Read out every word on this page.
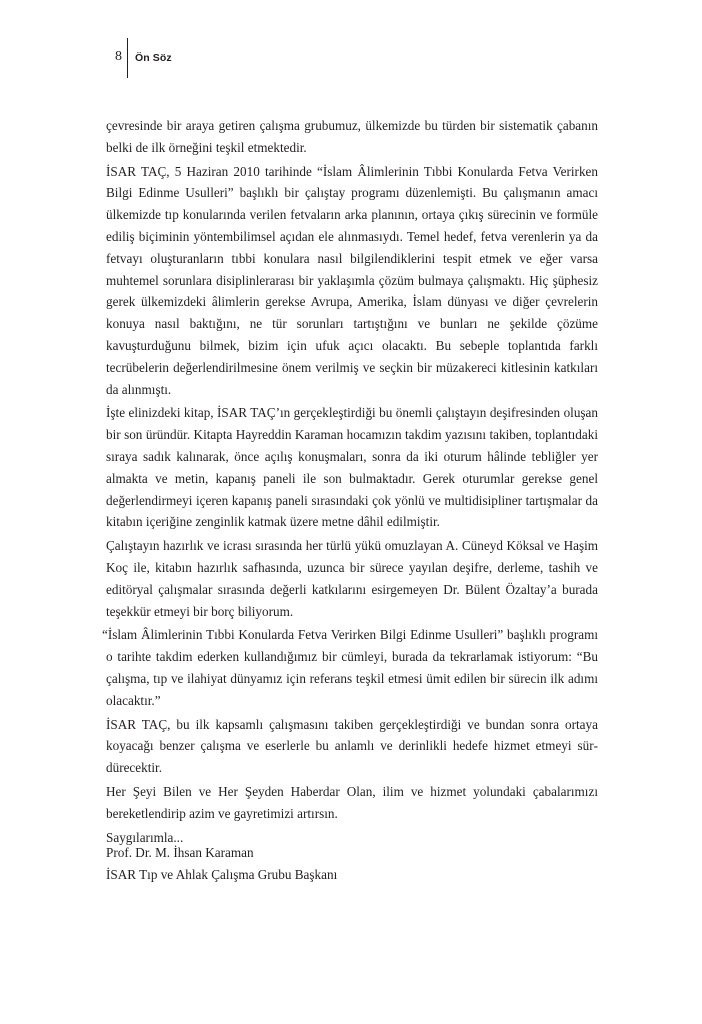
8 Ön Söz

çevresinde bir araya getiren çalışma grubumuz, ülkemizde bu türden bir sistematik çabanın belki de ilk örneğini teşkil etmektedir.

İSAR TAÇ, 5 Haziran 2010 tarihinde “İslam Âlimlerinin Tıbbi Konularda Fetva Verirken Bilgi Edinme Usulleri” başlıklı bir çalıştay programı düzenlemişti. Bu çalışmanın amacı ülkemizde tıp konularında verilen fetvaların arka planının, ortaya çıkış sürecinin ve formüle ediliş biçiminin yöntembilimsel açıdan ele alınmasıydı. Temel hedef, fetva verenlerin ya da fetvayı oluşturanların tıbbi konulara nasıl bilgilendiklerini tespit etmek ve eğer varsa muhtemel sorunlara disiplinlerarası bir yaklaşımla çözüm bulmaya çalışmaktı. Hiç şüphesiz gerek ülkemizdeki âlimlerin gerekse Avrupa, Amerika, İslam dünyası ve diğer çevrelerin konuya nasıl baktığını, ne tür sorunları tartıştığını ve bunları ne şekilde çözüme kavuşturduğunu bilmek, bizim için ufuk açıcı olacaktı. Bu sebeple toplantıda farklı tecrübelerin değerlendirilmesine önem verilmiş ve seçkin bir müzakereci kitlesinin katkıları da alınmıştı.

İşte elinizdeki kitap, İSAR TAÇ’ın gerçekleştirdiği bu önemli çalıştayın deşifresinden oluşan bir son üründür. Kitapta Hayreddin Karaman hocamızın takdim yazısını takiben, toplantıdaki sıraya sadık kalınarak, önce açılış konuşmaları, sonra da iki oturum hâlinde tebliğler yer almakta ve metin, kapanış paneli ile son bulmaktadır. Gerek oturumlar gerekse genel değerlendirmeyi içeren kapanış paneli sırasındaki çok yönlü ve multidisipliner tartışmalar da kitabın içeriğine zenginlik katmak üzere metne dâhil edilmiştir.

Çalıştayın hazırlık ve icrası sırasında her türlü yükü omuzlayan A. Cüneyd Köksal ve Haşim Koç ile, kitabın hazırlık safhasında, uzunca bir sürece yayılan deşifre, derleme, tashih ve editöryal çalışmalar sırasında değerli katkılarını esirgemeyen Dr. Bülent Özaltay’a burada teşekkür etmeyi bir borç biliyorum.

“İslam Âlimlerinin Tıbbi Konularda Fetva Verirken Bilgi Edinme Usulleri” başlıklı programı o tarihte takdim ederken kullandığımız bir cümleyi, burada da tekrarlamak istiyorum: “Bu çalışma, tıp ve ilahiyat dünyamız için referans teşkil etmesi ümit edilen bir sürecin ilk adımı olacaktır.”

İSAR TAÇ, bu ilk kapsamlı çalışmasını takiben gerçekleştirdiği ve bundan sonra ortaya koyacağı benzer çalışma ve eserlerle bu anlamlı ve derinlikli hedefe hizmet etmeyi sürdürecektir.

Her Şeyi Bilen ve Her Şeyden Haberdar Olan, ilim ve hizmet yolundaki çabalarımızı bereketlendirip azim ve gayretimizi artırsın.

Saygılarımla...

Prof. Dr. M. İhsan Karaman
İSAR Tıp ve Ahlak Çalışma Grubu Başkanı
